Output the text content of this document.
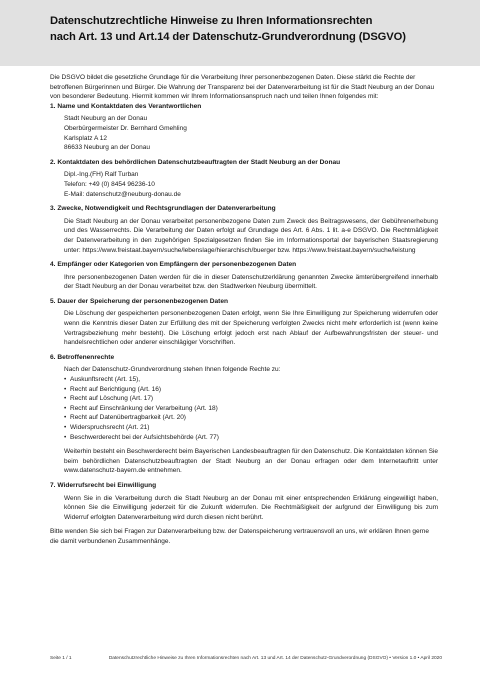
Datenschutzrechtliche Hinweise zu Ihren Informationsrechten
nach Art. 13 und Art.14 der Datenschutz-Grundverordnung (DSGVO)

Die DSGVO bildet die gesetzliche Grundlage für die Verarbeitung Ihrer personenbezogenen Daten. Diese stärkt die Rechte der betroffenen Bürgerinnen und Bürger. Die Wahrung der Transparenz bei der Datenverarbeitung ist für die Stadt Neuburg an der Donau von besonderer Bedeutung. Hiermit kommen wir Ihrem Informationsanspruch nach und teilen Ihnen folgendes mit:

1. Name und Kontaktdaten des Verantwortlichen
Stadt Neuburg an der Donau
Oberbürgermeister Dr. Bernhard Gmehling
Karlsplatz A 12
86633 Neuburg an der Donau
2. Kontaktdaten des behördlichen Datenschutzbeauftragten der Stadt Neuburg an der Donau
Dipl.-Ing.(FH) Ralf Turban
Telefon: +49 (0) 8454 96236-10
E-Mail: datenschutz@neuburg-donau.de
3. Zwecke, Notwendigkeit und Rechtsgrundlagen der Datenverarbeitung

Die Stadt Neuburg an der Donau verarbeitet personenbezogene Daten zum Zweck des Beitragswesens, der Gebührenerhebung und des Wasserrechts. Die Verarbeitung der Daten erfolgt auf Grundlage des Art. 6 Abs. 1 lit. a-e DSGVO. Die Rechtmäßigkeit der Datenverarbeitung in den zugehörigen Spezialgesetzen finden Sie im Informationsportal der bayerischen Staatsregierung unter: https://www.freistaat.bayern/suche/lebenslage/hierarchisch/buerger bzw. https://www.freistaat.bayern/suche/leistung

4. Empfänger oder Kategorien von Empfängern der personenbezogenen Daten

Ihre personenbezogenen Daten werden für die in dieser Datenschutzerklärung genannten Zwecke ämterübergreifend innerhalb der Stadt Neuburg an der Donau verarbeitet bzw. den Stadtwerken Neuburg übermittelt.

5. Dauer der Speicherung der personenbezogenen Daten

Die Löschung der gespeicherten personenbezogenen Daten erfolgt, wenn Sie Ihre Einwilligung zur Speicherung widerrufen oder wenn die Kenntnis dieser Daten zur Erfüllung des mit der Speicherung verfolgten Zwecks nicht mehr erforderlich ist (wenn keine Vertragsbeziehung mehr besteht). Die Löschung erfolgt jedoch erst nach Ablauf der Aufbewahrungsfristen der steuer- und handelsrechtlichen oder anderer einschlägiger Vorschriften.

6. Betroffenenrechte

Nach der Datenschutz-Grundverordnung stehen Ihnen folgende Rechte zu:

• Auskunftsrecht (Art. 15),
• Recht auf Berichtigung (Art. 16)
• Recht auf Löschung (Art. 17)
• Recht auf Einschränkung der Verarbeitung (Art. 18)
• Recht auf Datenübertragbarkeit (Art. 20)
• Widerspruchsrecht (Art. 21)
• Beschwerderecht bei der Aufsichtsbehörde (Art. 77)

Weiterhin besteht ein Beschwerderecht beim Bayerischen Landesbeauftragten für den Datenschutz. Die Kontaktdaten können Sie beim behördlichen Datenschutzbeauftragten der Stadt Neuburg an der Donau erfragen oder dem Internetauftritt unter www.datenschutz-bayern.de entnehmen.

7. Widerrufsrecht bei Einwilligung

Wenn Sie in die Verarbeitung durch die Stadt Neuburg an der Donau mit einer entsprechenden Erklärung eingewilligt haben, können Sie die Einwilligung jederzeit für die Zukunft widerrufen. Die Rechtmäßigkeit der aufgrund der Einwilligung bis zum Widerruf erfolgten Datenverarbeitung wird durch diesen nicht berührt.

Bitte wenden Sie sich bei Fragen zur Datenverarbeitung bzw. der Datenspeicherung vertrauensvoll an uns, wir erklären Ihnen gerne die damit verbundenen Zusammenhänge.

Seite 1 / 1	Datenschutzrechtliche Hinweise zu Ihren Informationsrechten nach Art. 13 und Art. 14 der Datenschutz-Grundverordnung (DSGVO) • Version 1.0 • April 2020
